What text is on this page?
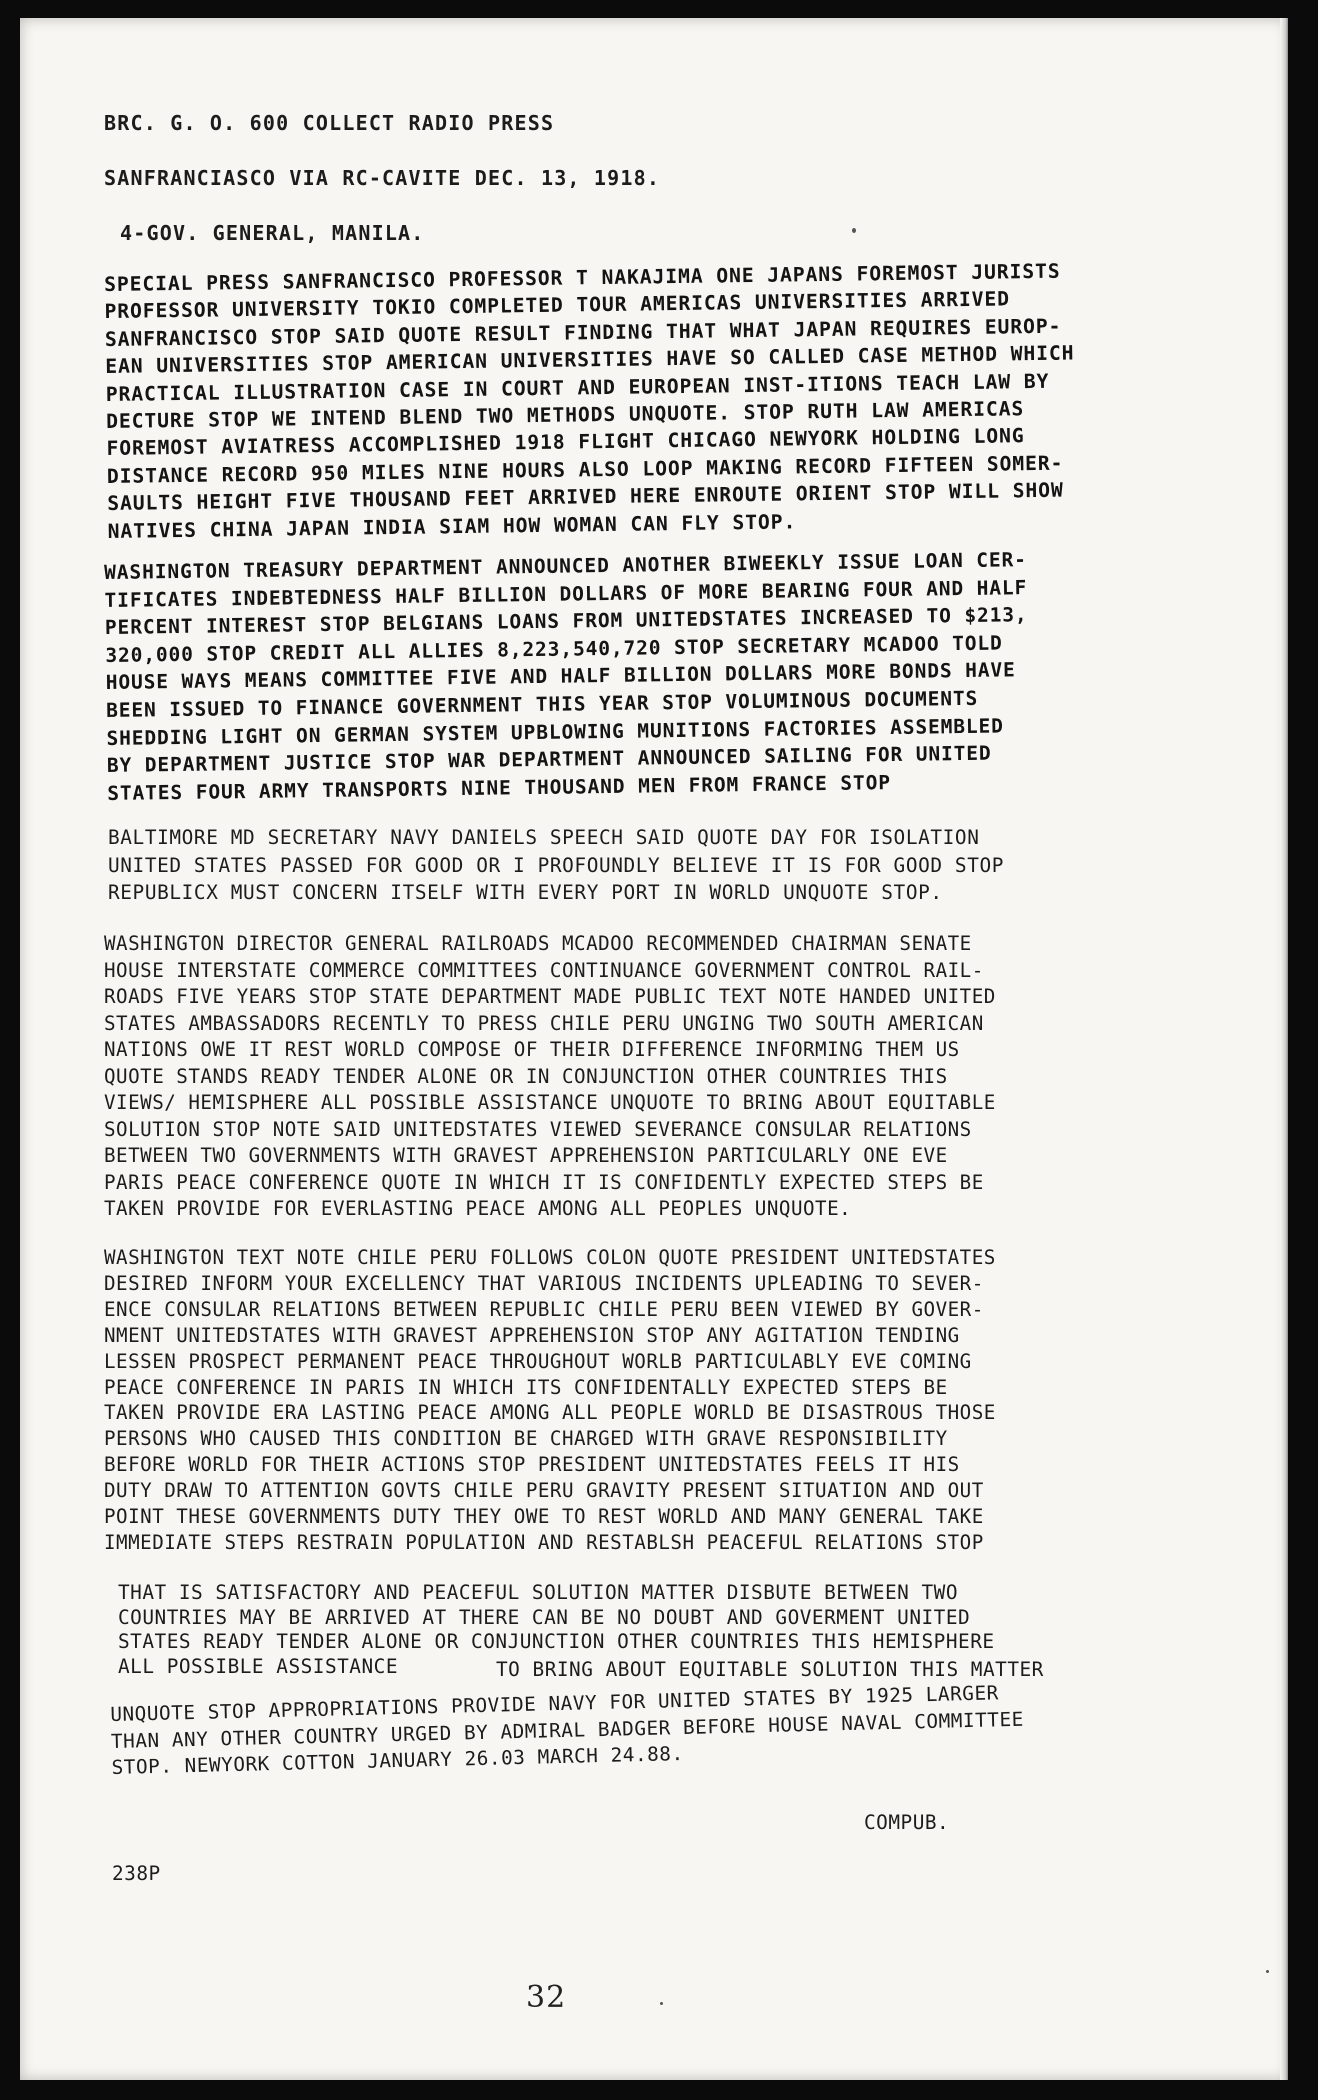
BRC. G. O. 600 COLLECT RADIO PRESS
SANFRANCIASCO VIA RC-CAVITE DEC. 13, 1918.
4-GOV. GENERAL, MANILA.
SPECIAL PRESS SANFRANCISCO PROFESSOR T NAKAJIMA ONE JAPANS FOREMOST JURISTS
PROFESSOR UNIVERSITY TOKIO COMPLETED TOUR AMERICAS UNIVERSITIES ARRIVED
SANFRANCISCO STOP SAID QUOTE RESULT FINDING THAT WHAT JAPAN REQUIRES EUROP-
EAN UNIVERSITIES STOP AMERICAN UNIVERSITIES HAVE SO CALLED CASE METHOD WHICH
PRACTICAL ILLUSTRATION CASE IN COURT AND EUROPEAN INST-ITIONS TEACH LAW BY
DECTURE STOP WE INTEND BLEND TWO METHODS UNQUOTE. STOP RUTH LAW AMERICAS
FOREMOST AVIATRESS ACCOMPLISHED 1918 FLIGHT CHICAGO NEWYORK HOLDING LONG
DISTANCE RECORD 950 MILES NINE HOURS ALSO LOOP MAKING RECORD FIFTEEN SOMER-
SAULTS HEIGHT FIVE THOUSAND FEET ARRIVED HERE ENROUTE ORIENT STOP WILL SHOW
NATIVES CHINA JAPAN INDIA SIAM HOW WOMAN CAN FLY STOP.
WASHINGTON TREASURY DEPARTMENT ANNOUNCED ANOTHER BIWEEKLY ISSUE LOAN CER-
TIFICATES INDEBTEDNESS HALF BILLION DOLLARS OF MORE BEARING FOUR AND HALF
PERCENT INTEREST STOP BELGIANS LOANS FROM UNITEDSTATES INCREASED TO $213,
320,000 STOP CREDIT ALL ALLIES 8,223,540,720 STOP SECRETARY MCADOO TOLD
HOUSE WAYS MEANS COMMITTEE FIVE AND HALF BILLION DOLLARS MORE BONDS HAVE
BEEN ISSUED TO FINANCE GOVERNMENT THIS YEAR STOP VOLUMINOUS DOCUMENTS
SHEDDING LIGHT ON GERMAN SYSTEM UPBLOWING MUNITIONS FACTORIES ASSEMBLED
BY DEPARTMENT JUSTICE STOP WAR DEPARTMENT ANNOUNCED SAILING FOR UNITED
STATES FOUR ARMY TRANSPORTS NINE THOUSAND MEN FROM FRANCE STOP
BALTIMORE MD SECRETARY NAVY DANIELS SPEECH SAID QUOTE DAY FOR ISOLATION
UNITED STATES PASSED FOR GOOD OR I PROFOUNDLY BELIEVE IT IS FOR GOOD STOP
REPUBLICX MUST CONCERN ITSELF WITH EVERY PORT IN WORLD UNQUOTE STOP.
WASHINGTON DIRECTOR GENERAL RAILROADS MCADOO RECOMMENDED CHAIRMAN SENATE
HOUSE INTERSTATE COMMERCE COMMITTEES CONTINUANCE GOVERNMENT CONTROL RAIL-
ROADS FIVE YEARS STOP STATE DEPARTMENT MADE PUBLIC TEXT NOTE HANDED UNITED
STATES AMBASSADORS RECENTLY TO PRESS CHILE PERU UNGING TWO SOUTH AMERICAN
NATIONS OWE IT REST WORLD COMPOSE OF THEIR DIFFERENCE INFORMING THEM US
QUOTE STANDS READY TENDER ALONE OR IN CONJUNCTION OTHER COUNTRIES THIS
VIEWS/ HEMISPHERE ALL POSSIBLE ASSISTANCE UNQUOTE TO BRING ABOUT EQUITABLE
SOLUTION STOP NOTE SAID UNITEDSTATES VIEWED SEVERANCE CONSULAR RELATIONS
BETWEEN TWO GOVERNMENTS WITH GRAVEST APPREHENSION PARTICULARLY ONE EVE
PARIS PEACE CONFERENCE QUOTE IN WHICH IT IS CONFIDENTLY EXPECTED STEPS BE
TAKEN PROVIDE FOR EVERLASTING PEACE AMONG ALL PEOPLES UNQUOTE.
WASHINGTON TEXT NOTE CHILE PERU FOLLOWS COLON QUOTE PRESIDENT UNITEDSTATES
DESIRED INFORM YOUR EXCELLENCY THAT VARIOUS INCIDENTS UPLEADING TO SEVER-
ENCE CONSULAR RELATIONS BETWEEN REPUBLIC CHILE PERU BEEN VIEWED BY GOVER-
NMENT UNITEDSTATES WITH GRAVEST APPREHENSION STOP ANY AGITATION TENDING
LESSEN PROSPECT PERMANENT PEACE THROUGHOUT WORLB PARTICULABLY EVE COMING
PEACE CONFERENCE IN PARIS IN WHICH ITS CONFIDENTALLY EXPECTED STEPS BE
TAKEN PROVIDE ERA LASTING PEACE AMONG ALL PEOPLE WORLD BE DISASTROUS THOSE
PERSONS WHO CAUSED THIS CONDITION BE CHARGED WITH GRAVE RESPONSIBILITY
BEFORE WORLD FOR THEIR ACTIONS STOP PRESIDENT UNITEDSTATES FEELS IT HIS
DUTY DRAW TO ATTENTION GOVTS CHILE PERU GRAVITY PRESENT SITUATION AND OUT
POINT THESE GOVERNMENTS DUTY THEY OWE TO REST WORLD AND MANY GENERAL TAKE
IMMEDIATE STEPS RESTRAIN POPULATION AND RESTABLSH PEACEFUL RELATIONS STOP
THAT IS SATISFACTORY AND PEACEFUL SOLUTION MATTER DISBUTE BETWEEN TWO
COUNTRIES MAY BE ARRIVED AT THERE CAN BE NO DOUBT AND GOVERMENT UNITED
STATES READY TENDER ALONE OR CONJUNCTION OTHER COUNTRIES THIS HEMISPHERE
ALL POSSIBLE ASSISTANCE	TO BRING ABOUT EQUITABLE SOLUTION THIS MATTER
UNQUOTE STOP APPROPRIATIONS PROVIDE NAVY FOR UNITED STATES BY 1925 LARGER
THAN ANY OTHER COUNTRY URGED BY ADMIRAL BADGER BEFORE HOUSE NAVAL COMMITTEE
STOP. NEWYORK COTTON JANUARY 26.03 MARCH 24.88.
COMPUB.
238P
32
